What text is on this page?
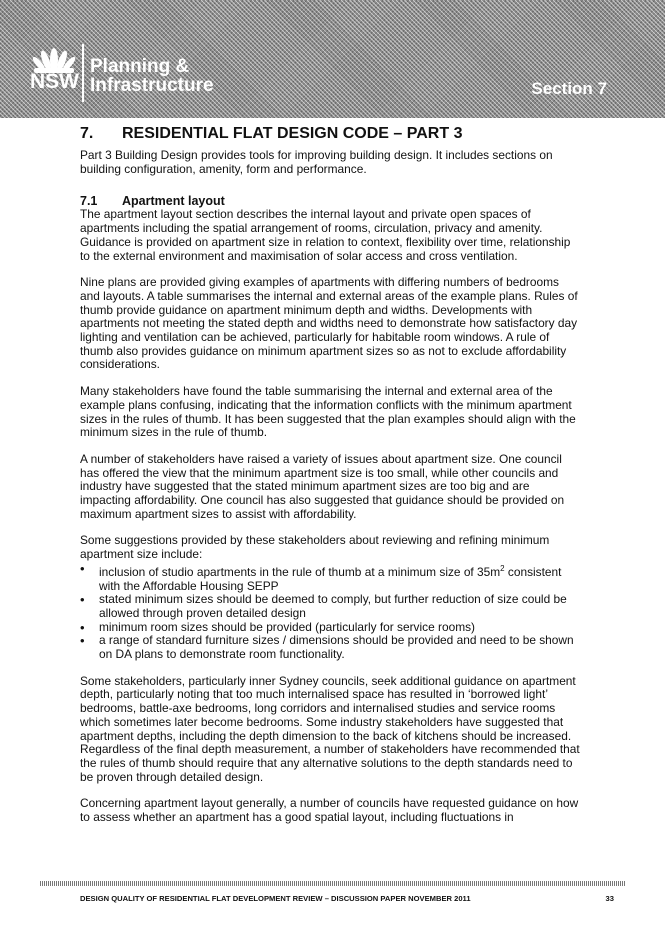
NSW
Planning &
Infrastructure	Section 7
7.	RESIDENTIAL FLAT DESIGN CODE – PART 3

Part 3 Building Design provides tools for improving building design. It includes sections on building configuration, amenity, form and performance.

7.1	Apartment layout

The apartment layout section describes the internal layout and private open spaces of apartments including the spatial arrangement of rooms, circulation, privacy and amenity. Guidance is provided on apartment size in relation to context, flexibility over time, relationship to the external environment and maximisation of solar access and cross ventilation.

Nine plans are provided giving examples of apartments with differing numbers of bedrooms and layouts. A table summarises the internal and external areas of the example plans. Rules of thumb provide guidance on apartment minimum depth and widths. Developments with apartments not meeting the stated depth and widths need to demonstrate how satisfactory day lighting and ventilation can be achieved, particularly for habitable room windows. A rule of thumb also provides guidance on minimum apartment sizes so as not to exclude affordability considerations.

Many stakeholders have found the table summarising the internal and external area of the example plans confusing, indicating that the information conflicts with the minimum apartment sizes in the rules of thumb. It has been suggested that the plan examples should align with the minimum sizes in the rule of thumb.

A number of stakeholders have raised a variety of issues about apartment size. One council has offered the view that the minimum apartment size is too small, while other councils and industry have suggested that the stated minimum apartment sizes are too big and are impacting affordability. One council has also suggested that guidance should be provided on maximum apartment sizes to assist with affordability.

Some suggestions provided by these stakeholders about reviewing and refining minimum apartment size include:

• inclusion of studio apartments in the rule of thumb at a minimum size of $35m^2$ consistent with the Affordable Housing SEPP
• stated minimum sizes should be deemed to comply, but further reduction of size could be allowed through proven detailed design
• minimum room sizes should be provided (particularly for service rooms)
• a range of standard furniture sizes / dimensions should be provided and need to be shown on DA plans to demonstrate room functionality.

Some stakeholders, particularly inner Sydney councils, seek additional guidance on apartment depth, particularly noting that too much internalised space has resulted in ‘borrowed light’ bedrooms, battle-axe bedrooms, long corridors and internalised studies and service rooms which sometimes later become bedrooms. Some industry stakeholders have suggested that apartment depths, including the depth dimension to the back of kitchens should be increased. Regardless of the final depth measurement, a number of stakeholders have recommended that the rules of thumb should require that any alternative solutions to the depth standards need to be proven through detailed design.

Concerning apartment layout generally, a number of councils have requested guidance on how to assess whether an apartment has a good spatial layout, including fluctuations in

DESIGN QUALITY OF RESIDENTIAL FLAT DEVELOPMENT REVIEW – DISCUSSION PAPER NOVEMBER 2011	33
